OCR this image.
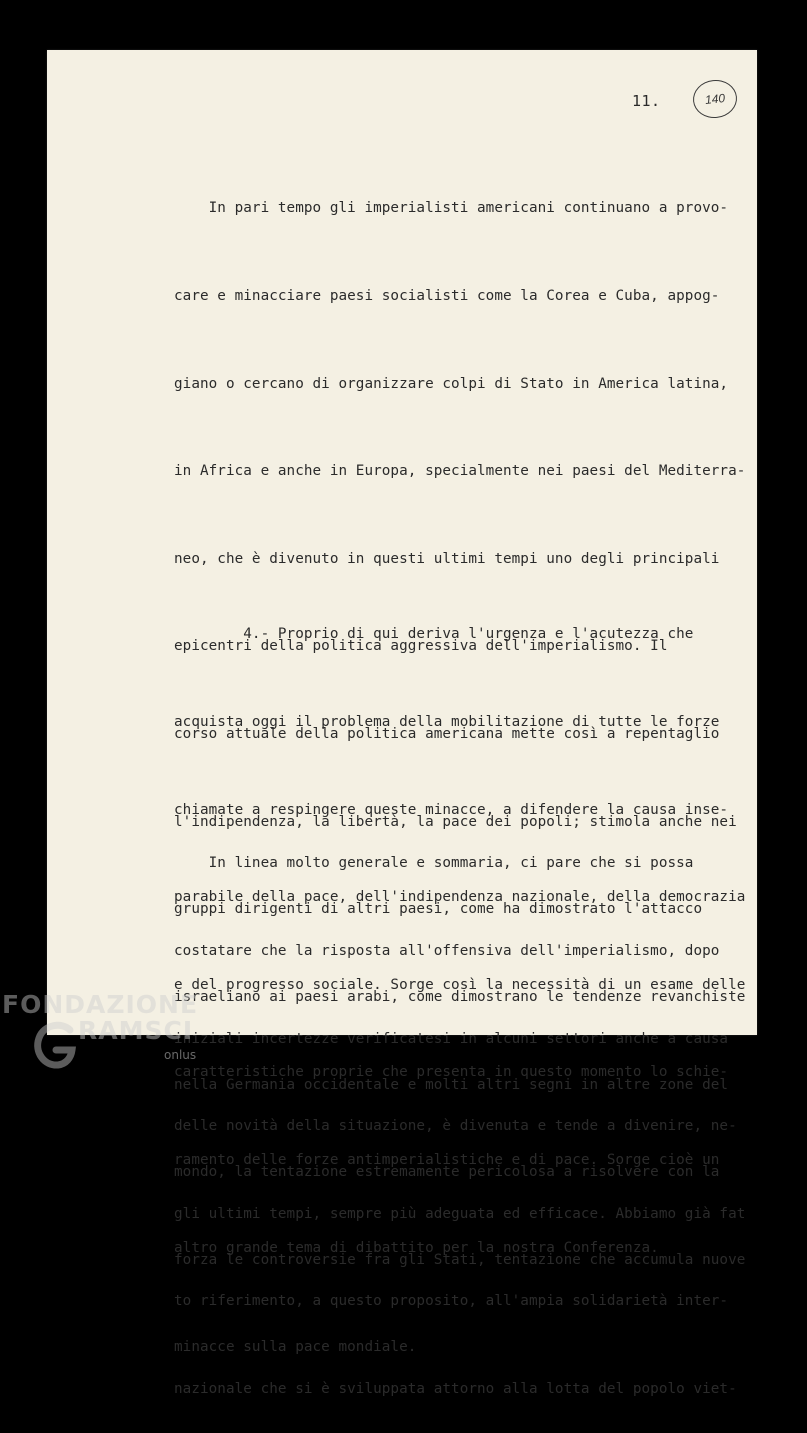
11.	140

In pari tempo gli imperialisti americani continuano a provo-

care e minacciare paesi socialisti come la Corea e Cuba, appog-

giano o cercano di organizzare colpi di Stato in America latina,

in Africa e anche in Europa, specialmente nei paesi del Mediterra-

neo, che è divenuto in questi ultimi tempi uno degli principali

epicentri della politica aggressiva dell'imperialismo. Il

corso attuale della politica americana mette così a repentaglio

l'indipendenza, la libertà, la pace dei popoli; stimola anche nei

gruppi dirigenti di altri paesi, come ha dimostrato l'attacco

israeliano ai paesi arabi, come dimostrano le tendenze revanchiste

nella Germania occidentale e molti altri segni in altre zone del

mondo, la tentazione estremamente pericolosa a risolvere con la

forza le controversie fra gli Stati, tentazione che accumula nuove

minacce sulla pace mondiale.

4.- Proprio di qui deriva l'urgenza e l'acutezza che

acquista oggi il problema della mobilitazione di tutte le forze

chiamate a respingere queste minacce, a difendere la causa inse-

parabile della pace, dell'indipendenza nazionale, della democrazia

e del progresso sociale. Sorge così la necessità di un esame delle

caratteristiche proprie che presenta in questo momento lo schie-

ramento delle forze antimperialistiche e di pace. Sorge cioè un

altro grande tema di dibattito per la nostra Conferenza.

In linea molto generale e sommaria, ci pare che si possa

costatare che la risposta all'offensiva dell'imperialismo, dopo

iniziali incertezze verificatesi in alcuni settori anche a causa

delle novità della situazione, è divenuta e tende a divenire, ne-

gli ultimi tempi, sempre più adeguata ed efficace. Abbiamo già fat

to riferimento, a questo proposito, all'ampia solidarietà inter-

nazionale che si è sviluppata attorno alla lotta del popolo viet-

FONDAZIONE
RAMSCI
onlus
